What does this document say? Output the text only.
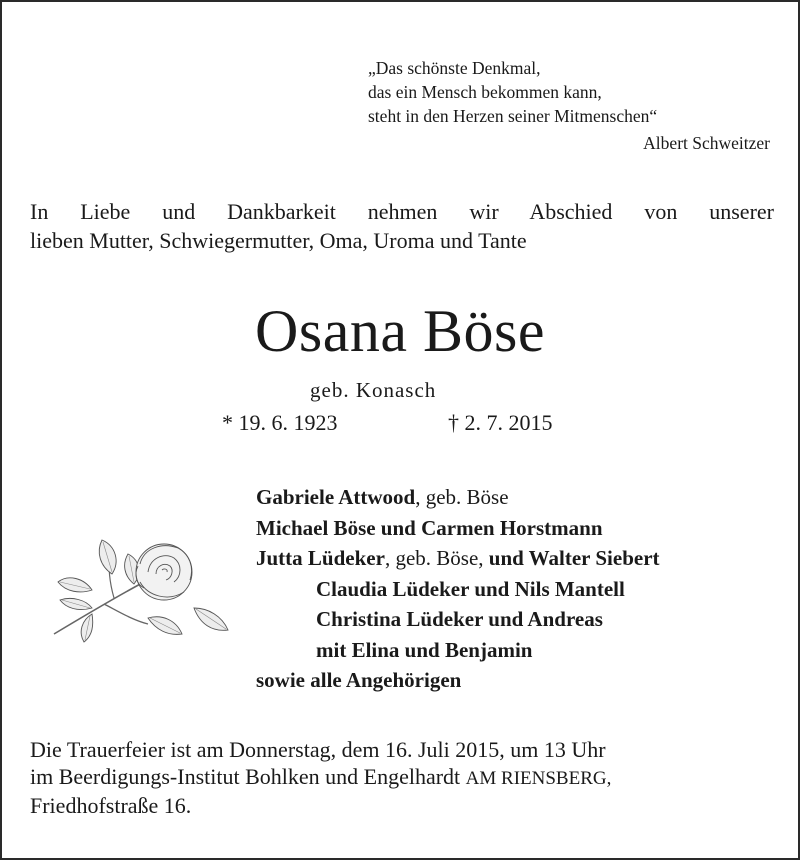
„Das schönste Denkmal,
das ein Mensch bekommen kann,
steht in den Herzen seiner Mitmenschen“
Albert Schweitzer
In Liebe und Dankbarkeit nehmen wir Abschied von unserer
lieben Mutter, Schwiegermutter, Oma, Uroma und Tante
Osana Böse
geb. Konasch
* 19. 6. 1923	† 2. 7. 2015
Gabriele Attwood, geb. Böse
Michael Böse und Carmen Horstmann
Jutta Lüdeker, geb. Böse, und Walter Siebert
Claudia Lüdeker und Nils Mantell
Christina Lüdeker und Andreas
mit Elina und Benjamin
sowie alle Angehörigen
Die Trauerfeier ist am Donnerstag, dem 16. Juli 2015, um 13 Uhr
im Beerdigungs-Institut Bohlken und Engelhardt AM RIENSBERG,
Friedhofstraße 16.
